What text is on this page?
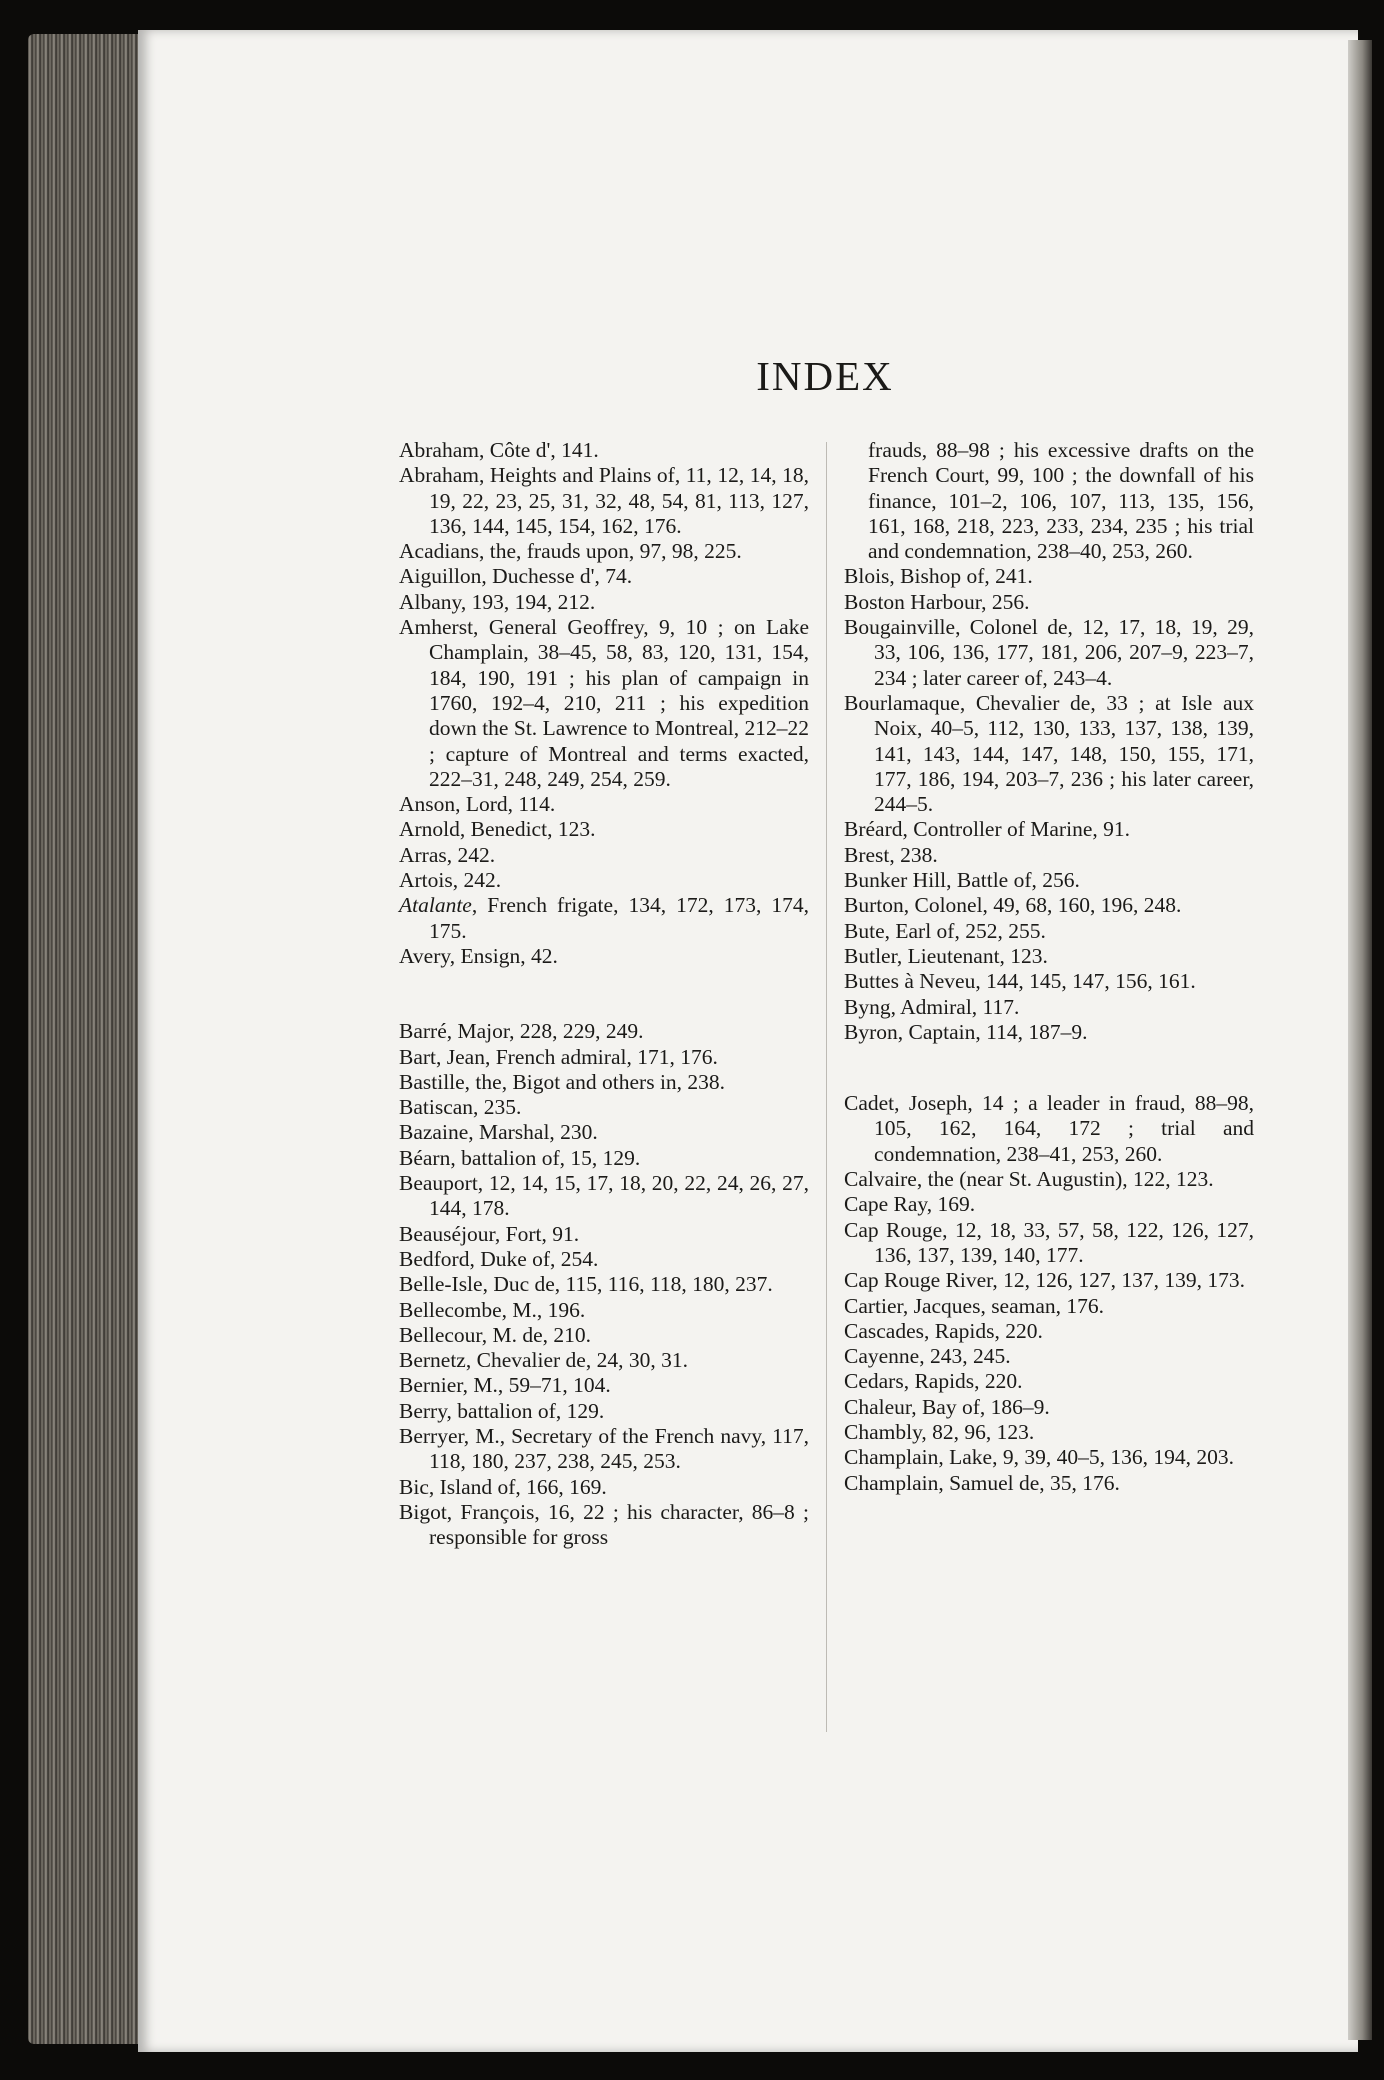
INDEX
Abraham, Côte d', 141.
Abraham, Heights and Plains of, 11, 12, 14, 18, 19, 22, 23, 25, 31, 32, 48, 54, 81, 113, 127, 136, 144, 145, 154, 162, 176.
Acadians, the, frauds upon, 97, 98, 225.
Aiguillon, Duchesse d', 74.
Albany, 193, 194, 212.
Amherst, General Geoffrey, 9, 10 ; on Lake Champlain, 38–45, 58, 83, 120, 131, 154, 184, 190, 191 ; his plan of campaign in 1760, 192–4, 210, 211 ; his expedition down the St. Lawrence to Montreal, 212–22 ; capture of Montreal and terms exacted, 222–31, 248, 249, 254, 259.
Anson, Lord, 114.
Arnold, Benedict, 123.
Arras, 242.
Artois, 242.
Atalante, French frigate, 134, 172, 173, 174, 175.
Avery, Ensign, 42.
Barré, Major, 228, 229, 249.
Bart, Jean, French admiral, 171, 176.
Bastille, the, Bigot and others in, 238.
Batiscan, 235.
Bazaine, Marshal, 230.
Béarn, battalion of, 15, 129.
Beauport, 12, 14, 15, 17, 18, 20, 22, 24, 26, 27, 144, 178.
Beauséjour, Fort, 91.
Bedford, Duke of, 254.
Belle-Isle, Duc de, 115, 116, 118, 180, 237.
Bellecombe, M., 196.
Bellecour, M. de, 210.
Bernetz, Chevalier de, 24, 30, 31.
Bernier, M., 59–71, 104.
Berry, battalion of, 129.
Berryer, M., Secretary of the French navy, 117, 118, 180, 237, 238, 245, 253.
Bic, Island of, 166, 169.
Bigot, François, 16, 22 ; his character, 86–8 ; responsible for gross
frauds, 88–98 ; his excessive drafts on the French Court, 99, 100 ; the downfall of his finance, 101–2, 106, 107, 113, 135, 156, 161, 168, 218, 223, 233, 234, 235 ; his trial and condemnation, 238–40, 253, 260.
Blois, Bishop of, 241.
Boston Harbour, 256.
Bougainville, Colonel de, 12, 17, 18, 19, 29, 33, 106, 136, 177, 181, 206, 207–9, 223–7, 234 ; later career of, 243–4.
Bourlamaque, Chevalier de, 33 ; at Isle aux Noix, 40–5, 112, 130, 133, 137, 138, 139, 141, 143, 144, 147, 148, 150, 155, 171, 177, 186, 194, 203–7, 236 ; his later career, 244–5.
Bréard, Controller of Marine, 91.
Brest, 238.
Bunker Hill, Battle of, 256.
Burton, Colonel, 49, 68, 160, 196, 248.
Bute, Earl of, 252, 255.
Butler, Lieutenant, 123.
Buttes à Neveu, 144, 145, 147, 156, 161.
Byng, Admiral, 117.
Byron, Captain, 114, 187–9.
Cadet, Joseph, 14 ; a leader in fraud, 88–98, 105, 162, 164, 172 ; trial and condemnation, 238–41, 253, 260.
Calvaire, the (near St. Augustin), 122, 123.
Cape Ray, 169.
Cap Rouge, 12, 18, 33, 57, 58, 122, 126, 127, 136, 137, 139, 140, 177.
Cap Rouge River, 12, 126, 127, 137, 139, 173.
Cartier, Jacques, seaman, 176.
Cascades, Rapids, 220.
Cayenne, 243, 245.
Cedars, Rapids, 220.
Chaleur, Bay of, 186–9.
Chambly, 82, 96, 123.
Champlain, Lake, 9, 39, 40–5, 136, 194, 203.
Champlain, Samuel de, 35, 176.
